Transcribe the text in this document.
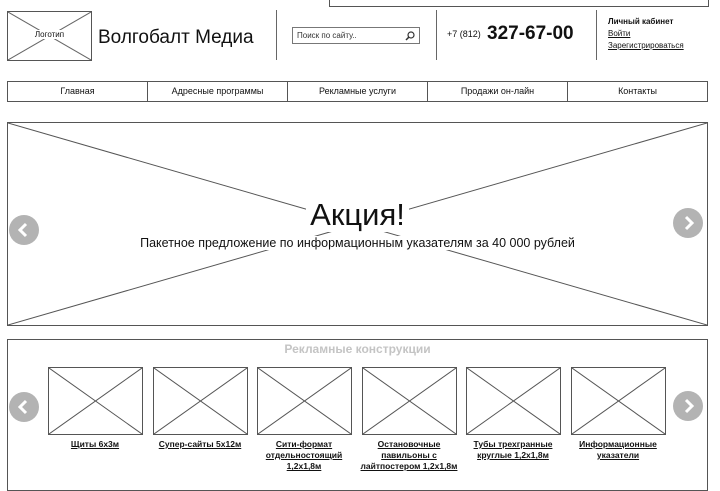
Логотип	Волгобалт Медиа	Поиск по сайту..	+7 (812) 327-67-00
Личный кабинет
Войти
Зарегистрироваться
Главная	Адресные программы	Рекламные услуги	Продажи он-лайн	Контакты
Акция!
Пакетное предложение по информационным указателям за 40 000 рублей
Рекламные конструкции
Щиты 6х3м	Супер-сайты 5х12м	Сити-формат отдельностоящий 1,2х1,8м
Остановочные павильоны с лайтпостером 1,2х1,8м
Тубы трехгранные круглые 1,2х1,8м
Информационные указатели
